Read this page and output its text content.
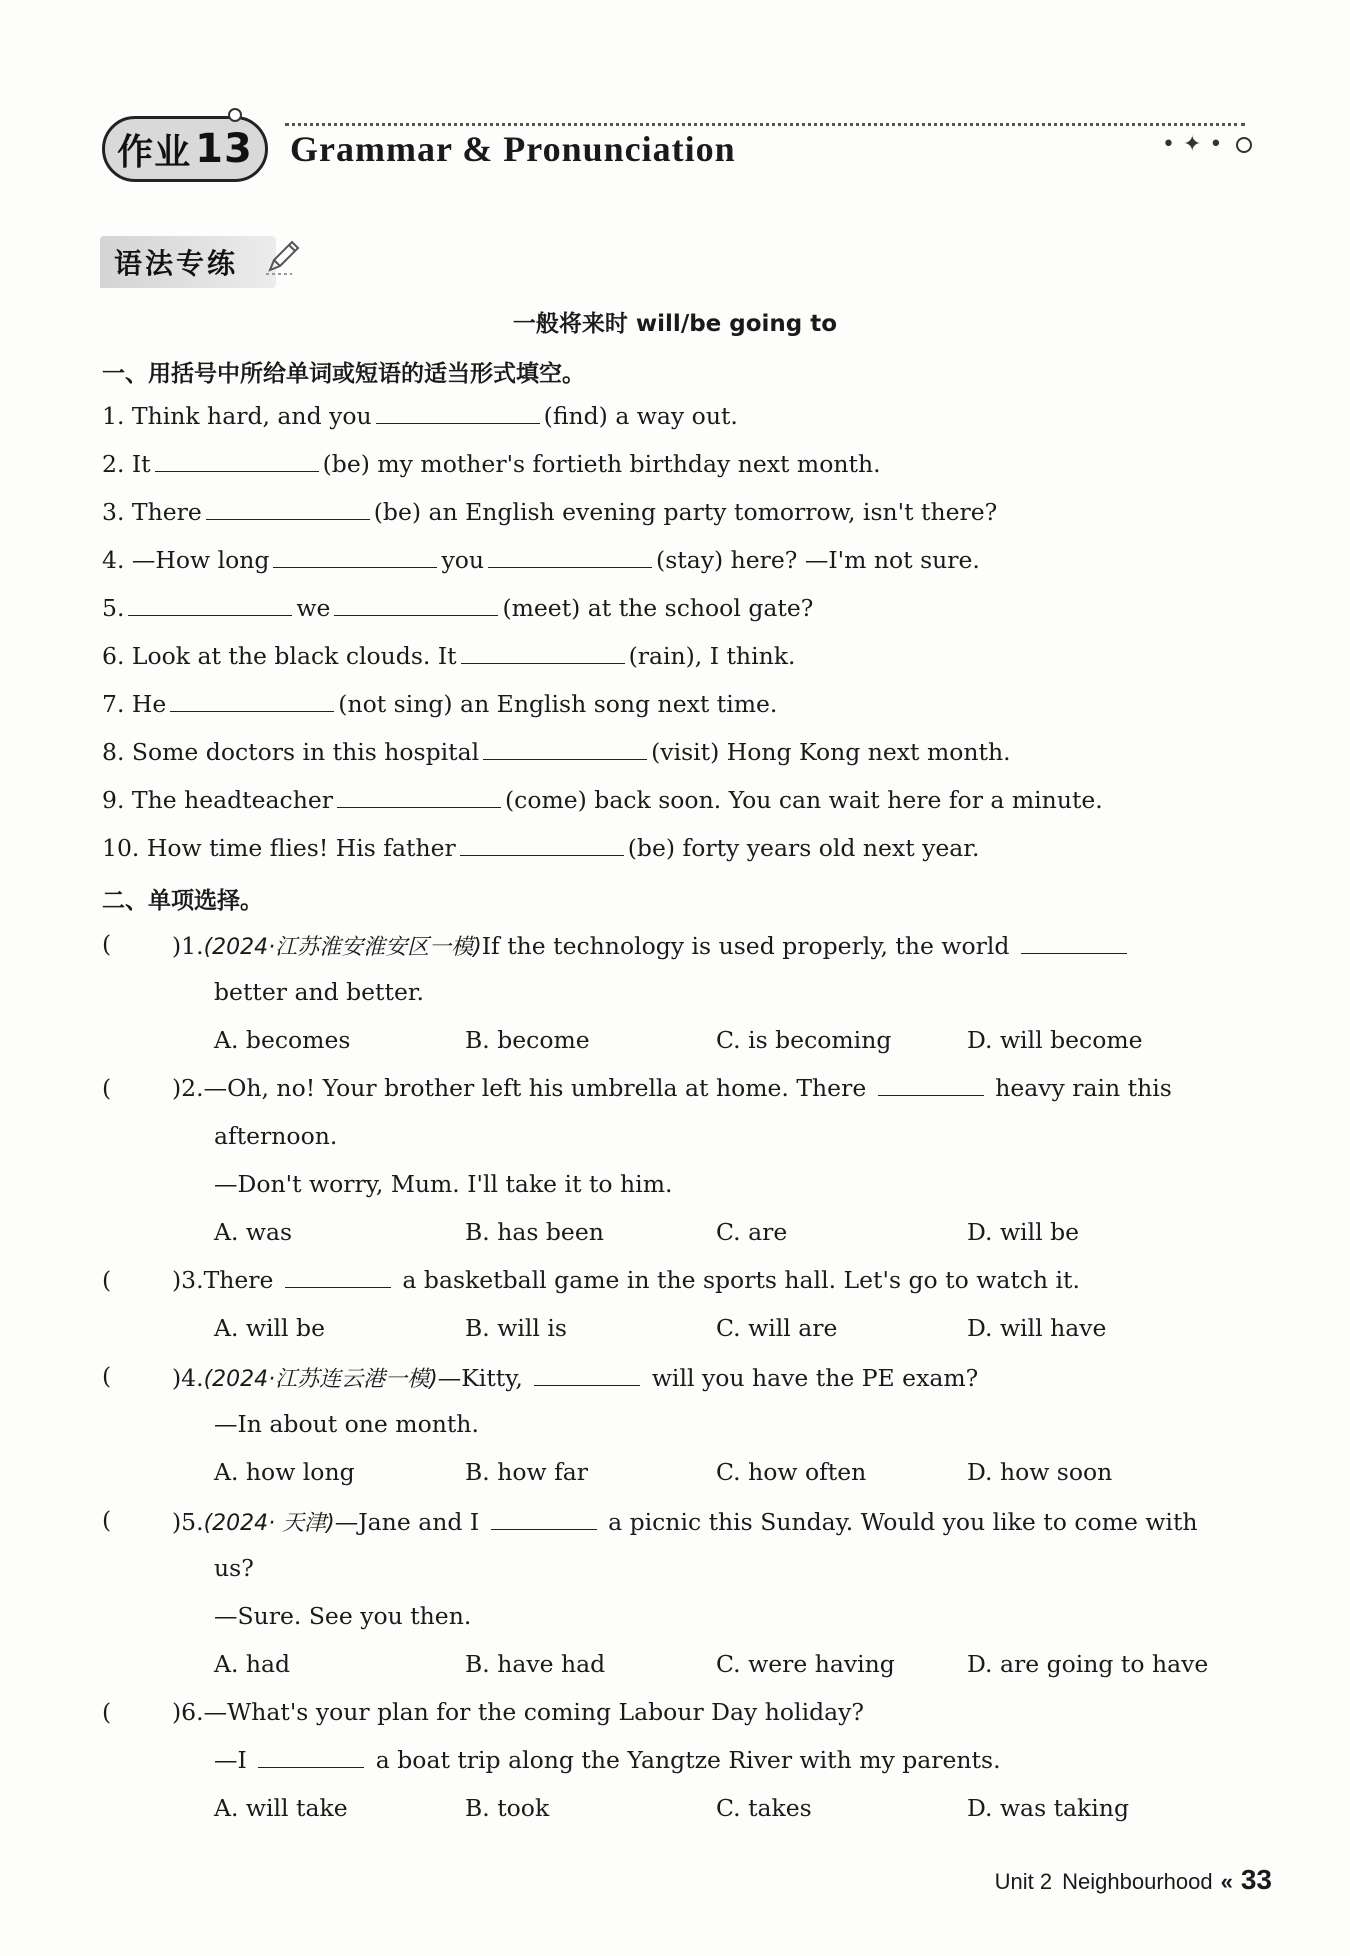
作业 13 Grammar & Pronunciation	•✦•
语法专练
一般将来时 will/be going to
一、用括号中所给单词或短语的适当形式填空。
1. Think hard, and you	(find) a way out.
2. It	(be) my mother's fortieth birthday next month.
3. There	(be) an English evening party tomorrow, isn't there?
4. —How long	you	(stay) here? —I'm not sure.
5.	we	(meet) at the school gate?
6. Look at the black clouds. It	(rain), I think.
7. He	(not sing) an English song next time.
8. Some doctors in this hospital	(visit) Hong Kong next month.
9. The headteacher	(come) back soon. You can wait here for a minute.
10. How time flies! His father	(be) forty years old next year.
二、单项选择。
(	)1.(2024·江苏淮安淮安区一模)If the technology is used properly, the world
better and better.
A. becomes	B. become	C. is becoming	D. will become
(	)2.—Oh, no! Your brother left his umbrella at home. There	heavy rain this
afternoon.
—Don't worry, Mum. I'll take it to him.
A. was	B. has been	C. are	D. will be
(	)3.There	a basketball game in the sports hall. Let's go to watch it.
A. will be	B. will is	C. will are	D. will have
(	)4.(2024·江苏连云港一模)—Kitty,	will you have the PE exam?
—In about one month.
A. how long	B. how far	C. how often	D. how soon
(	)5.(2024· 天津)—Jane and I	a picnic this Sunday. Would you like to come with
us?
—Sure. See you then.
A. had	B. have had	C. were having	D. are going to have
(	)6.—What's your plan for the coming Labour Day holiday?
—I	a boat trip along the Yangtze River with my parents.
A. will take	B. took	C. takes	D. was taking
Unit 2 Neighbourhood « 33
